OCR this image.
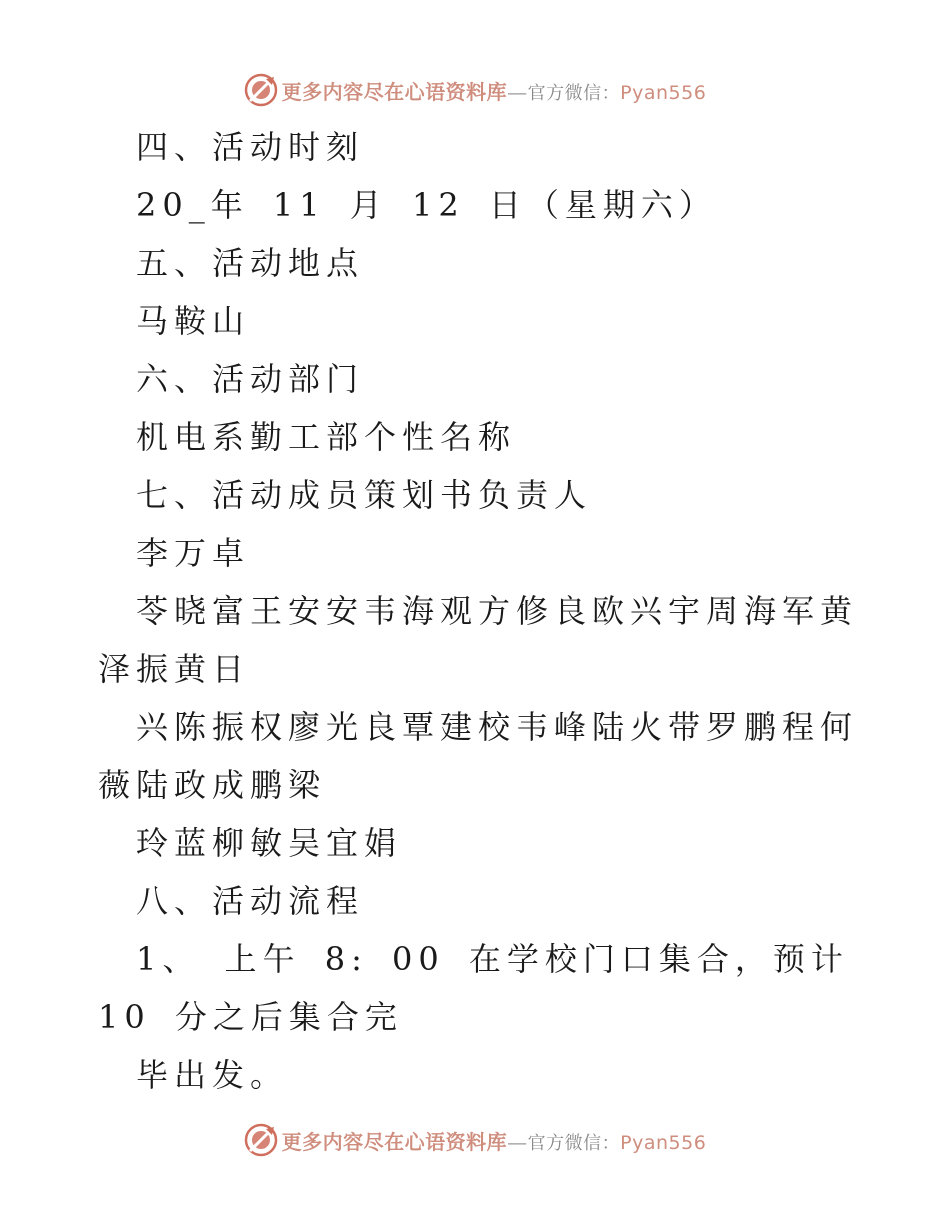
更多内容尽在心语资料库—官方微信：Pyan556

四、活动时刻

20_年 11 月 12 日（星期六）

五、活动地点

马鞍山

六、活动部门

机电系勤工部个性名称

七、活动成员策划书负责人

李万卓

苓晓富王安安韦海观方修良欧兴宇周海军黄泽振黄日

兴陈振权廖光良覃建校韦峰陆火带罗鹏程何薇陆政成鹏梁

玲蓝柳敏吴宜娟

八、活动流程

1、 上午 8: 00 在学校门口集合，预计 10 分之后集合完

毕出发。

更多内容尽在心语资料库—官方微信：Pyan556
